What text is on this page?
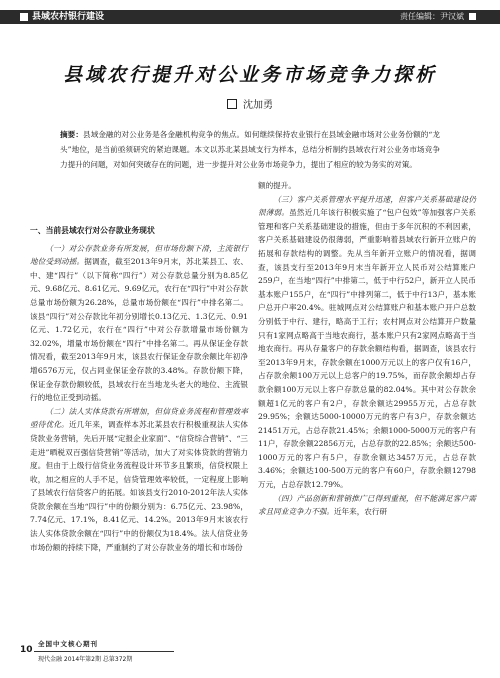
县域农村银行建设	责任编辑：尹汉斌
县域农行提升对公业务市场竞争力探析
沈加勇
摘要：县域金融的对公业务是各金融机构竞争的焦点。如何继续保持农业银行在县域金融市场对公业务份额的“龙头”地位，是当前亟须研究的紧迫课题。本文以苏北某县域支行为样本，总结分析制约县域农行对公业务市场竞争力提升的问题，对如何突破存在的问题，进一步提升对公业务市场竞争力，提出了相应的较为务实的对策。

一、当前县域农行对公存款业务现状

（一）对公存款业务有所发展，但市场份额下滑，主流银行地位受到动摇。据调查，截至2013年9月末，苏北某县工、农、中、建“四行”（以下简称“四行”）对公存款总量分别为8.85亿元、9.68亿元、8.61亿元、9.69亿元，农行在“四行”中对公存款总量市场份额为26.28%，总量市场份额在“四行”中排名第二。该县“四行”对公存款比年初分别增长0.13亿元、1.3亿元、0.91亿元、1.72亿元，农行在“四行”中对公存款增量市场份额为32.02%，增量市场份额在“四行”中排名第二。再从保证金存款情况看，截至2013年9月末，该县农行保证金存款余额比年初净增6576万元，仅占同业保证金存款的3.48%。存款份额下降，保证金存款份额较低，县域农行在当地龙头老大的地位、主流银行的地位正受到动摇。

（二）法人实体贷款有所增加，但信贷业务流程和管理效率亟待优化。近几年来，调查样本苏北某县农行积极重视法人实体贷款业务营销，先后开展“定报企业家面”、“信贷综合营销”、“三走进”晒税双百强信贷营销”等活动，加大了对实体贷款的营销力度。但由于上级行信贷业务流程设计环节多且繁琐，信贷权限上收，加之相应的人手不足，信贷管理效率较低，一定程度上影响了县域农行信贷客户的拓展。如该县支行2010-2012年法人实体贷款余额在当地“四行”中的份额分别为：6.75亿元、23.98%，7.74亿元、17.1%，8.41亿元、14.2%。2013年9月末该农行法人实体贷款余额在“四行”中的份额仅为18.4%。法人信贷业务市场份额的持续下降，严重制约了对公存款业务的增长和市场份

额的提升。

（三）客户关系管理水平提升迅速，但客户关系基础建设仍很薄弱。虽然近几年该行积极实施了“包户包效”等加强客户关系管理和客户关系基础建设的措施，但由于多年沉积的不利因素，客户关系基础建设仍很薄弱，严重影响着县域农行新开立账户的拓展和存款结构的调整。先从当年新开立账户的情况看，据调查，该县支行至2013年9月末当年新开立人民币对公结算账户259户，在当地“四行”中排第二，低于中行52户，新开立人民币基本账户155户，在“四行”中排列第二，低于中行13户，基本账户总开户率20.4%。驻城网点对公结算账户和基本账户开户总数分别低于中行、建行，略高于工行；农村网点对公结算开户数量只有1家网点略高于当地农商行，基本账户只有2家网点略高于当地农商行。再从存量客户的存款余额结构看，据调查，该县农行至2013年9月末，存款余额在1000万元以上的客户仅有16户，占存款余额100万元以上总客户的19.75%，而存款余额却占存款余额100万元以上客户存款总量的82.04%。其中对公存款余额超1亿元的客户有2户，存款余额达29955万元，占总存款29.95%；余额达5000-10000万元的客户有3户，存款余额达21451万元，占总存款21.45%；余额1000-5000万元的客户有11户，存款余额22856万元，占总存款的22.85%；余额达500-1000万元的客户有5户，存款余额达3457万元，占总存款3.46%；余额达100-500万元的客户有60户，存款余额12798万元，占总存款12.79%。

（四）产品创新和营销推广已得到重视，但不能满足客户需求且同业竞争力不强。近年来，农行研

10
全国中文核心期刊
现代金融 2014年第2期 总第372期
